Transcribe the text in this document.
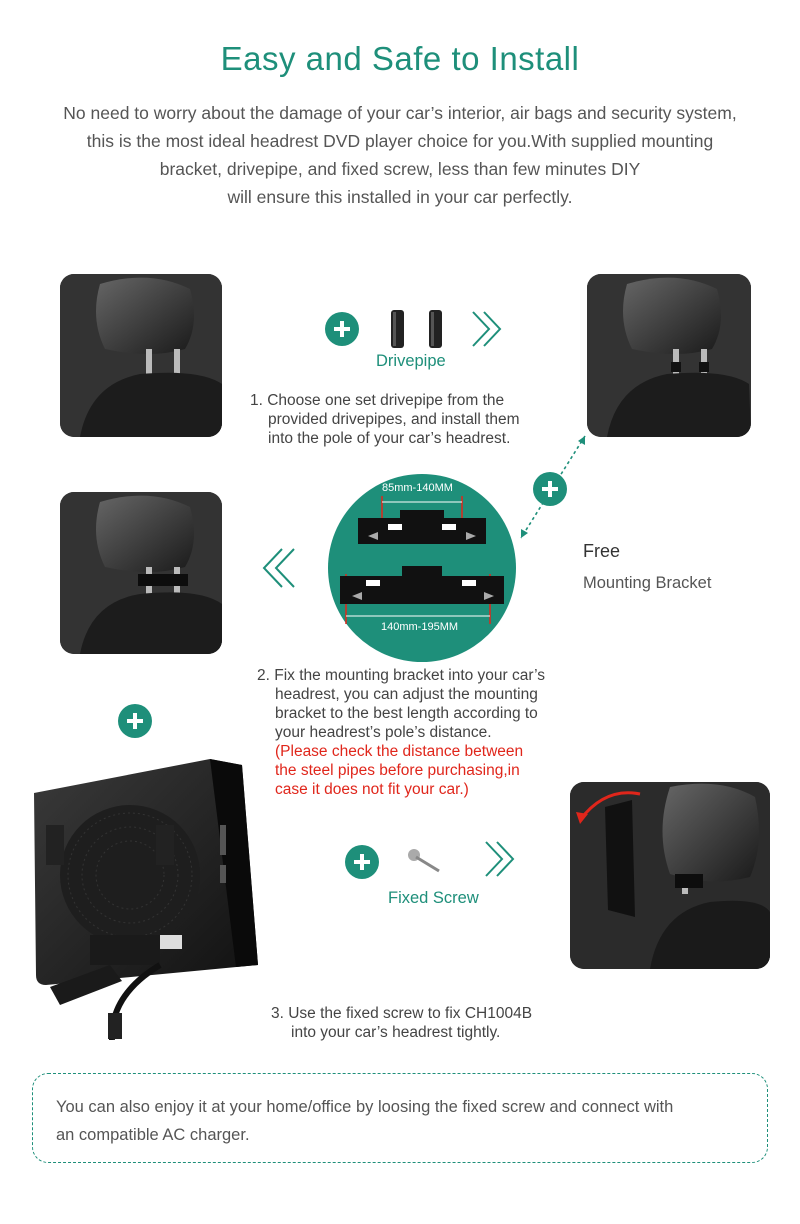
Easy and Safe to Install
No need to worry about the damage of your car’s interior, air bags and security system,
this is the most ideal headrest DVD player choice for you.With supplied mounting
bracket, drivepipe, and fixed screw, less than few minutes DIY
will ensure this installed in your car perfectly.
Drivepipe
1. Choose one set drivepipe from the
provided drivepipes, and install them
into the pole of your car’s headrest.
85mm-140MM
140mm-195MM
Free
Mounting Bracket
2. Fix the mounting bracket into your car’s
headrest, you can adjust the mounting
bracket to the best length according to
your headrest’s pole’s distance.
(Please check the distance between
the steel pipes before purchasing,in
case it does not fit your car.)
Fixed Screw
3. Use the fixed screw to fix CH1004B
into your car’s headrest tightly.
You can also enjoy it at your home/office by loosing the fixed screw and connect with
an compatible AC charger.
